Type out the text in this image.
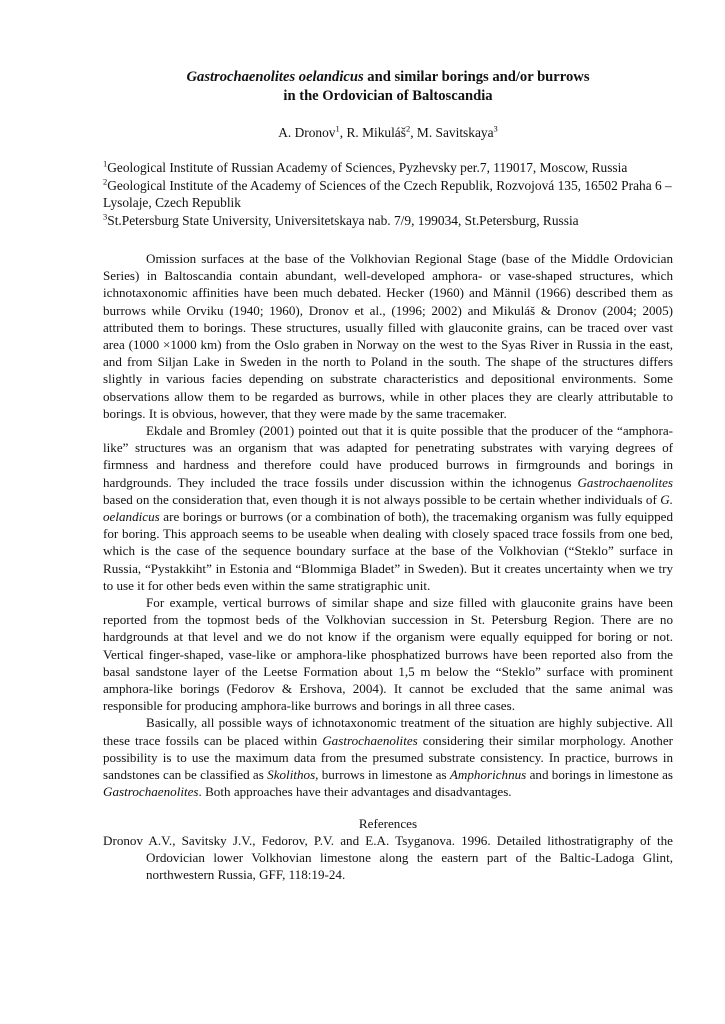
Gastrochaenolites oelandicus and similar borings and/or burrows
in the Ordovician of Baltoscandia
A. Dronov$^1$, R. Mikuláš$^2$, M. Savitskaya$^3$

$^1$Geological Institute of Russian Academy of Sciences, Pyzhevsky per.7, 119017, Moscow, Russia

$^2$Geological Institute of the Academy of Sciences of the Czech Republik, Rozvojová 135, 16502 Praha 6 – Lysolaje, Czech Republik

$^3$St.Petersburg State University, Universitetskaya nab. 7/9, 199034, St.Petersburg, Russia

Omission surfaces at the base of the Volkhovian Regional Stage (base of the Middle Ordovician Series) in Baltoscandia contain abundant, well-developed amphora- or vase-shaped structures, which ichnotaxonomic affinities have been much debated. Hecker (1960) and Männil (1966) described them as burrows while Orviku (1940; 1960), Dronov et al., (1996; 2002) and Mikuláš & Dronov (2004; 2005) attributed them to borings. These structures, usually filled with glauconite grains, can be traced over vast area (1000 ×1000 km) from the Oslo graben in Norway on the west to the Syas River in Russia in the east, and from Siljan Lake in Sweden in the north to Poland in the south. The shape of the structures differs slightly in various facies depending on substrate characteristics and depositional environments. Some observations allow them to be regarded as burrows, while in other places they are clearly attributable to borings. It is obvious, however, that they were made by the same tracemaker.

Ekdale and Bromley (2001) pointed out that it is quite possible that the producer of the “amphora-like” structures was an organism that was adapted for penetrating substrates with varying degrees of firmness and hardness and therefore could have produced burrows in firmgrounds and borings in hardgrounds. They included the trace fossils under discussion within the ichnogenus Gastrochaenolites based on the consideration that, even though it is not always possible to be certain whether individuals of G. oelandicus are borings or burrows (or a combination of both), the tracemaking organism was fully equipped for boring. This approach seems to be useable when dealing with closely spaced trace fossils from one bed, which is the case of the sequence boundary surface at the base of the Volkhovian (“Steklo” surface in Russia, “Pystakkiht” in Estonia and “Blommiga Bladet” in Sweden). But it creates uncertainty when we try to use it for other beds even within the same stratigraphic unit.

For example, vertical burrows of similar shape and size filled with glauconite grains have been reported from the topmost beds of the Volkhovian succession in St. Petersburg Region. There are no hardgrounds at that level and we do not know if the organism were equally equipped for boring or not. Vertical finger-shaped, vase-like or amphora-like phosphatized burrows have been reported also from the basal sandstone layer of the Leetse Formation about 1,5 m below the “Steklo” surface with prominent amphora-like borings (Fedorov & Ershova, 2004). It cannot be excluded that the same animal was responsible for producing amphora-like burrows and borings in all three cases.

Basically, all possible ways of ichnotaxonomic treatment of the situation are highly subjective. All these trace fossils can be placed within Gastrochaenolites considering their similar morphology. Another possibility is to use the maximum data from the presumed substrate consistency. In practice, burrows in sandstones can be classified as Skolithos, burrows in limestone as Amphorichnus and borings in limestone as Gastrochaenolites. Both approaches have their advantages and disadvantages.

References

Dronov A.V., Savitsky J.V., Fedorov, P.V. and E.A. Tsyganova. 1996. Detailed lithostratigraphy of the Ordovician lower Volkhovian limestone along the eastern part of the Baltic-Ladoga Glint, northwestern Russia, GFF, 118:19-24.
